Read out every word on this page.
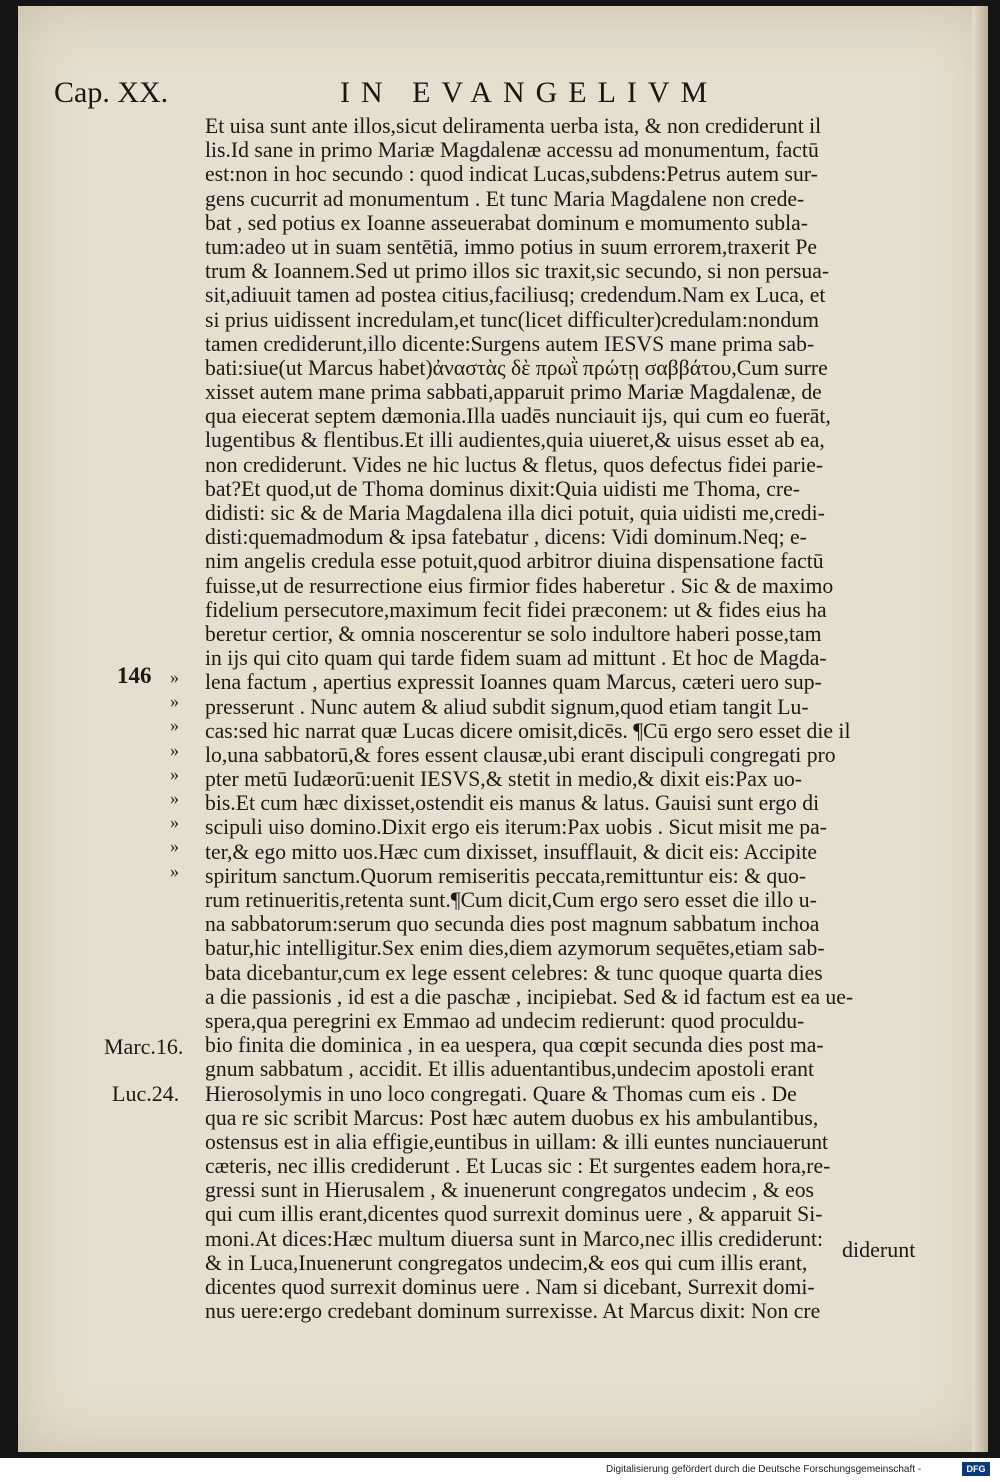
Cap. XX.	IN EVANGELIVM
Et uisa sunt ante illos,sicut deliramenta uerba ista, & non crediderunt il
lis.Id sane in primo Mariæ Magdalenæ accessu ad monumentum, factū
est:non in hoc secundo : quod indicat Lucas,subdens:Petrus autem sur-
gens cucurrit ad monumentum . Et tunc Maria Magdalene non crede-
bat , sed potius ex Ioanne asseuerabat dominum e momumento subla-
tum:adeo ut in suam sentētiā, immo potius in suum errorem,traxerit Pe
trum & Ioannem.Sed ut primo illos sic traxit,sic secundo, si non persua-
sit,adiuuit tamen ad postea citius,faciliusq; credendum.Nam ex Luca, et
si prius uidissent incredulam,et tunc(licet difficulter)credulam:nondum
tamen crediderunt,illo dicente:Surgens autem IESVS mane prima sab-
bati:siue(ut Marcus habet)ἀναστὰς δὲ πρωῒ πρώτῃ σαββάτου,Cum surre
xisset autem mane prima sabbati,apparuit primo Mariæ Magdalenæ, de
qua eiecerat septem dæmonia.Illa uadēs nunciauit ijs, qui cum eo fuerāt,
lugentibus & flentibus.Et illi audientes,quia uiueret,& uisus esset ab ea,
non crediderunt. Vides ne hic luctus & fletus, quos defectus fidei parie-
bat?Et quod,ut de Thoma dominus dixit:Quia uidisti me Thoma, cre-
didisti: sic & de Maria Magdalena illa dici potuit, quia uidisti me,credi-
disti:quemadmodum & ipsa fatebatur , dicens: Vidi dominum.Neq; e-
nim angelis credula esse potuit,quod arbitror diuina dispensatione factū
fuisse,ut de resurrectione eius firmior fides haberetur . Sic & de maximo
fidelium persecutore,maximum fecit fidei præconem: ut & fides eius ha
beretur certior, & omnia noscerentur se solo indultore haberi posse,tam
in ijs qui cito quam qui tarde fidem suam ad mittunt . Et hoc de Magda-
lena factum , apertius expressit Ioannes quam Marcus, cæteri uero sup-
presserunt . Nunc autem & aliud subdit signum,quod etiam tangit Lu-
cas:sed hic narrat quæ Lucas dicere omisit,dicēs. ¶Cū ergo sero esset die il
lo,una sabbatorū,& fores essent clausæ,ubi erant discipuli congregati pro
pter metū Iudæorū:uenit IESVS,& stetit in medio,& dixit eis:Pax uo-
bis.Et cum hæc dixisset,ostendit eis manus & latus. Gauisi sunt ergo di
scipuli uiso domino.Dixit ergo eis iterum:Pax uobis . Sicut misit me pa-
ter,& ego mitto uos.Hæc cum dixisset, insufflauit, & dicit eis: Accipite
spiritum sanctum.Quorum remiseritis peccata,remittuntur eis: & quo-
rum retinueritis,retenta sunt.¶Cum dicit,Cum ergo sero esset die illo u-
na sabbatorum:serum quo secunda dies post magnum sabbatum inchoa
batur,hic intelligitur.Sex enim dies,diem azymorum sequētes,etiam sab-
bata dicebantur,cum ex lege essent celebres: & tunc quoque quarta dies
a die passionis , id est a die paschæ , incipiebat. Sed & id factum est ea ue-
spera,qua peregrini ex Emmao ad undecim redierunt: quod proculdu-
bio finita die dominica , in ea uespera, qua cœpit secunda dies post ma-
gnum sabbatum , accidit. Et illis aduentantibus,undecim apostoli erant
Hierosolymis in uno loco congregati. Quare & Thomas cum eis . De
qua re sic scribit Marcus: Post hæc autem duobus ex his ambulantibus,
ostensus est in alia effigie,euntibus in uillam: & illi euntes nunciauerunt
cæteris, nec illis crediderunt . Et Lucas sic : Et surgentes eadem hora,re-
gressi sunt in Hierusalem , & inuenerunt congregatos undecim , & eos
qui cum illis erant,dicentes quod surrexit dominus uere , & apparuit Si-
moni.At dices:Hæc multum diuersa sunt in Marco,nec illis crediderunt:
& in Luca,Inuenerunt congregatos undecim,& eos qui cum illis erant,
dicentes quod surrexit dominus uere . Nam si dicebant, Surrexit domi-
nus uere:ergo credebant dominum surrexisse. At Marcus dixit: Non cre
diderunt
146
Marc.16.
Luc.24.
»
»
»
»
»
»
»
»
»
Digitalisierung gefördert durch die Deutsche Forschungsgemeinschaft -	DFG
